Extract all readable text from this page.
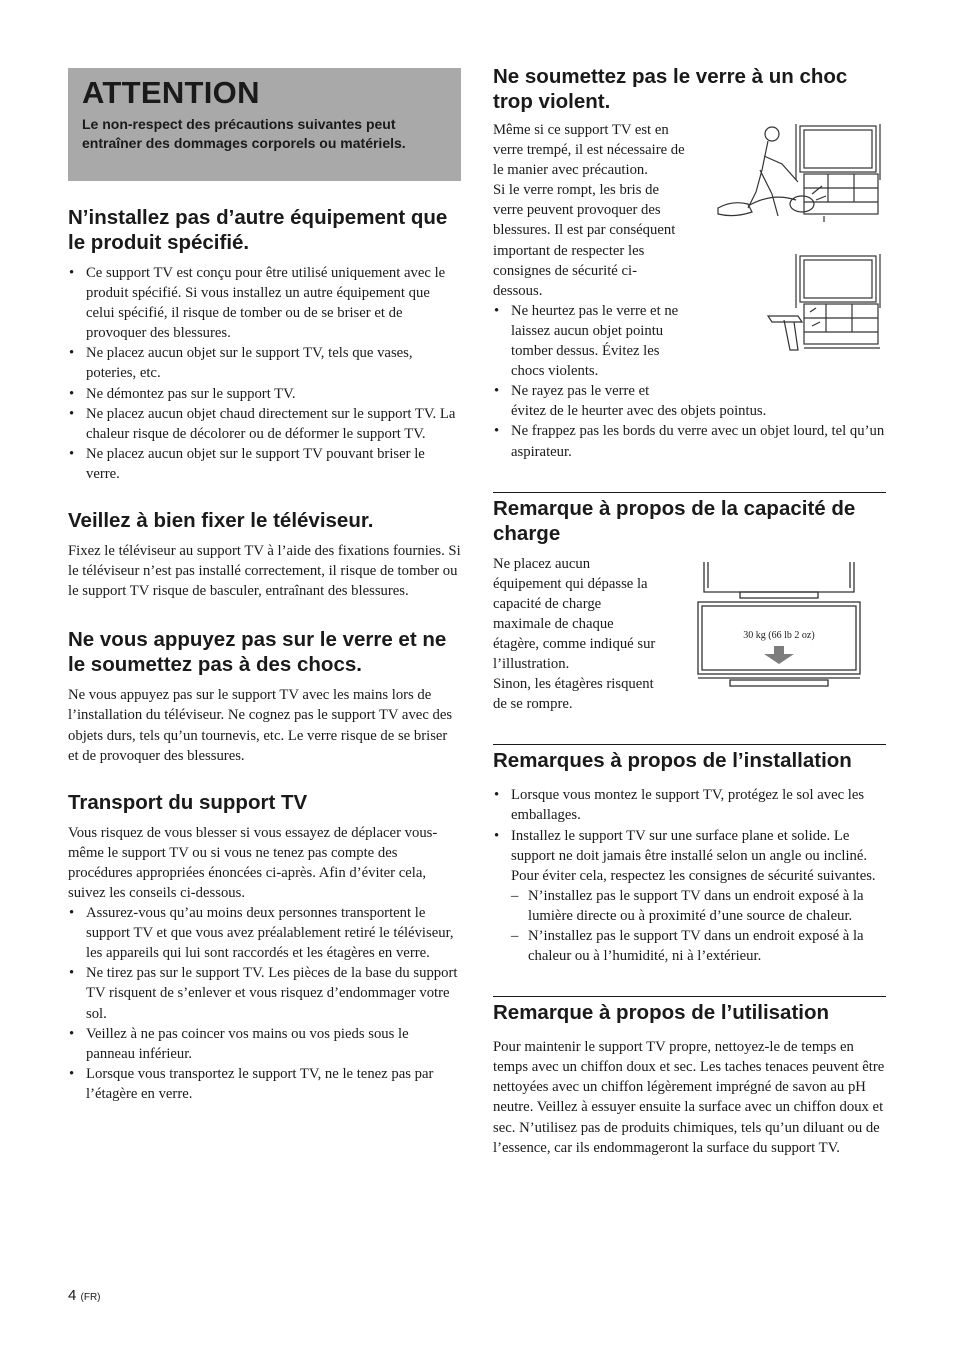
ATTENTION

Le non-respect des précautions suivantes peut entraîner des dommages corporels ou matériels.

N’installez pas d’autre équipement que le produit spécifié.
• Ce support TV est conçu pour être utilisé uniquement avec le produit spécifié. Si vous installez un autre équipement que celui spécifié, il risque de tomber ou de se briser et de provoquer des blessures.
• Ne placez aucun objet sur le support TV, tels que vases, poteries, etc.
• Ne démontez pas sur le support TV.
• Ne placez aucun objet chaud directement sur le support TV. La chaleur risque de décolorer ou de déformer le support TV.
• Ne placez aucun objet sur le support TV pouvant briser le verre.
Veillez à bien fixer le téléviseur.

Fixez le téléviseur au support TV à l’aide des fixations fournies. Si le téléviseur n’est pas installé correctement, il risque de tomber ou le support TV risque de basculer, entraînant des blessures.

Ne vous appuyez pas sur le verre et ne le soumettez pas à des chocs.

Ne vous appuyez pas sur le support TV avec les mains lors de l’installation du téléviseur. Ne cognez pas le support TV avec des objets durs, tels qu’un tournevis, etc. Le verre risque de se briser et de provoquer des blessures.

Transport du support TV

Vous risquez de vous blesser si vous essayez de déplacer vous-même le support TV ou si vous ne tenez pas compte des procédures appropriées énoncées ci-après. Afin d’éviter cela, suivez les conseils ci-dessous.

• Assurez-vous qu’au moins deux personnes transportent le support TV et que vous avez préalablement retiré le téléviseur, les appareils qui lui sont raccordés et les étagères en verre.
• Ne tirez pas sur le support TV. Les pièces de la base du support TV risquent de s’enlever et vous risquez d’endommager votre sol.
• Veillez à ne pas coincer vos mains ou vos pieds sous le panneau inférieur.
• Lorsque vous transportez le support TV, ne le tenez pas par l’étagère en verre.
Ne soumettez pas le verre à un choc trop violent.

Même si ce support TV est en

verre trempé, il est nécessaire de

le manier avec précaution.

Si le verre rompt, les bris de

verre peuvent provoquer des

blessures. Il est par conséquent

important de respecter les

consignes de sécurité ci-

dessous.

• Ne heurtez pas le verre et ne
laissez aucun objet pointu
tomber dessus. Évitez les
chocs violents.
• Ne rayez pas le verre et
évitez de le heurter avec des objets pointus.
• Ne frappez pas les bords du verre avec un objet lourd, tel qu’un aspirateur.
Remarque à propos de la capacité de charge

Ne placez aucun

équipement qui dépasse la

capacité de charge

maximale de chaque

étagère, comme indiqué sur

l’illustration.

Sinon, les étagères risquent

de se rompre.

Remarques à propos de l’installation
• Lorsque vous montez le support TV, protégez le sol avec les emballages.
• Installez le support TV sur une surface plane et solide. Le support ne doit jamais être installé selon un angle ou incliné. Pour éviter cela, respectez les consignes de sécurité suivantes.
– N’installez pas le support TV dans un endroit exposé à la lumière directe ou à proximité d’une source de chaleur.
– N’installez pas le support TV dans un endroit exposé à la chaleur ou à l’humidité, ni à l’extérieur.
Remarque à propos de l’utilisation

Pour maintenir le support TV propre, nettoyez-le de temps en temps avec un chiffon doux et sec. Les taches tenaces peuvent être nettoyées avec un chiffon légèrement imprégné de savon au pH neutre. Veillez à essuyer ensuite la surface avec un chiffon doux et sec. N’utilisez pas de produits chimiques, tels qu’un diluant ou de l’essence, car ils endommageront la surface du support TV.

30 kg (66 lb 2 oz)
4 (FR)
